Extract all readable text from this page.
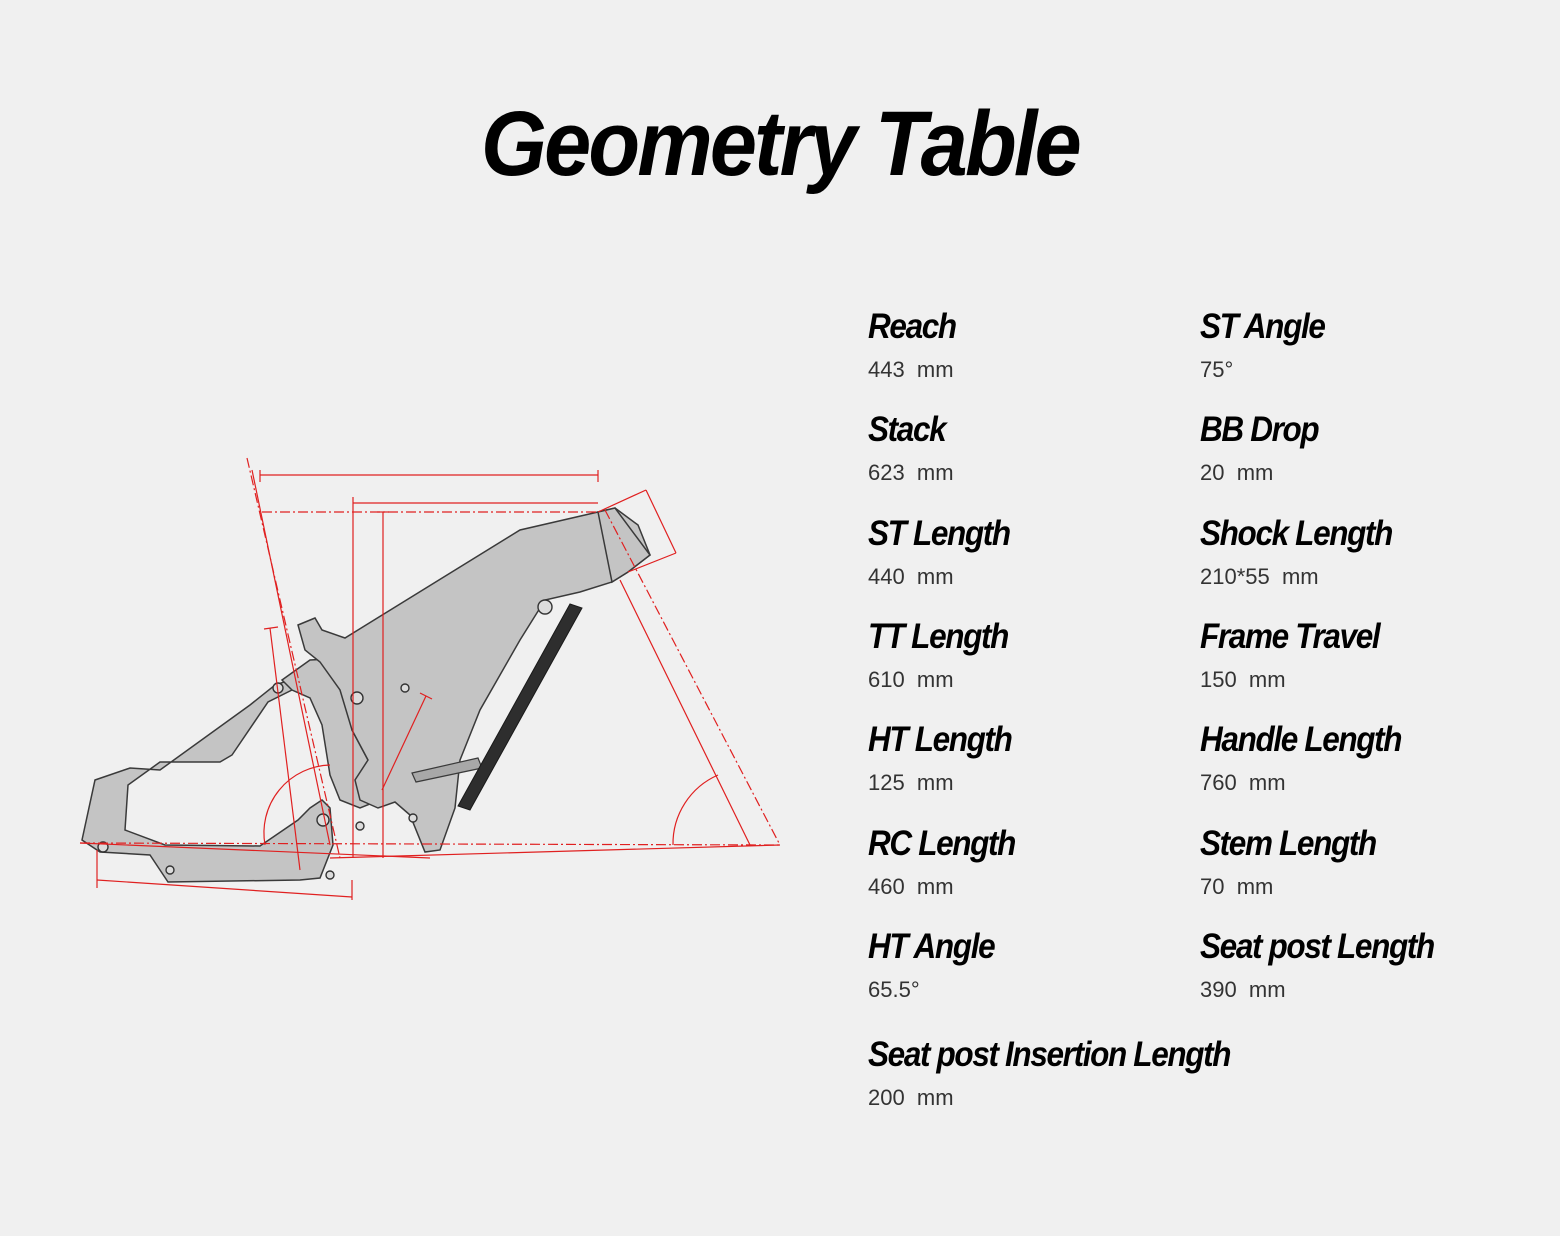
Geometry Table
Reach
443  mm
ST Angle
75°
Stack
623  mm
BB Drop
20  mm
ST Length
440  mm
Shock Length
210*55  mm
TT Length
610  mm
Frame Travel
150  mm
HT Length
125  mm
Handle Length
760  mm
RC Length
460  mm
Stem Length
70  mm
HT Angle
65.5°
Seat post Length
390  mm
Seat post Insertion Length
200  mm
